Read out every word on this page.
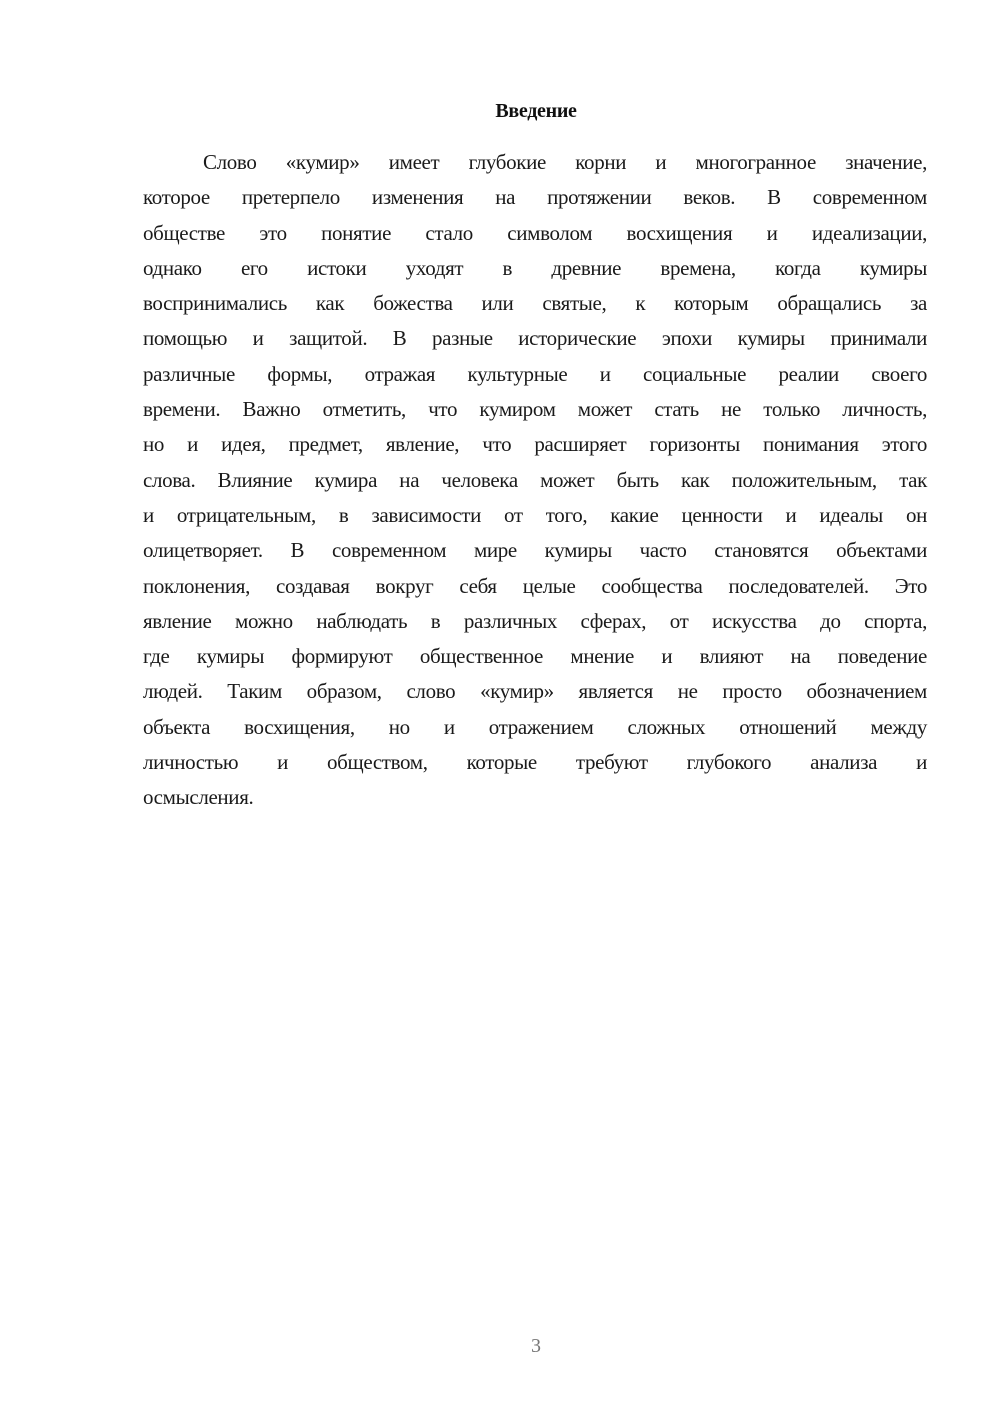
Введение
Слово «кумир» имеет глубокие корни и многогранное значение,
которое претерпело изменения на протяжении веков. В современном
обществе это понятие стало символом восхищения и идеализации,
однако его истоки уходят в древние времена, когда кумиры
воспринимались как божества или святые, к которым обращались за
помощью и защитой. В разные исторические эпохи кумиры принимали
различные формы, отражая культурные и социальные реалии своего
времени. Важно отметить, что кумиром может стать не только личность,
но и идея, предмет, явление, что расширяет горизонты понимания этого
слова. Влияние кумира на человека может быть как положительным, так
и отрицательным, в зависимости от того, какие ценности и идеалы он
олицетворяет. В современном мире кумиры часто становятся объектами
поклонения, создавая вокруг себя целые сообщества последователей. Это
явление можно наблюдать в различных сферах, от искусства до спорта,
где кумиры формируют общественное мнение и влияют на поведение
людей. Таким образом, слово «кумир» является не просто обозначением
объекта восхищения, но и отражением сложных отношений между
личностью и обществом, которые требуют глубокого анализа и
осмысления.
3
